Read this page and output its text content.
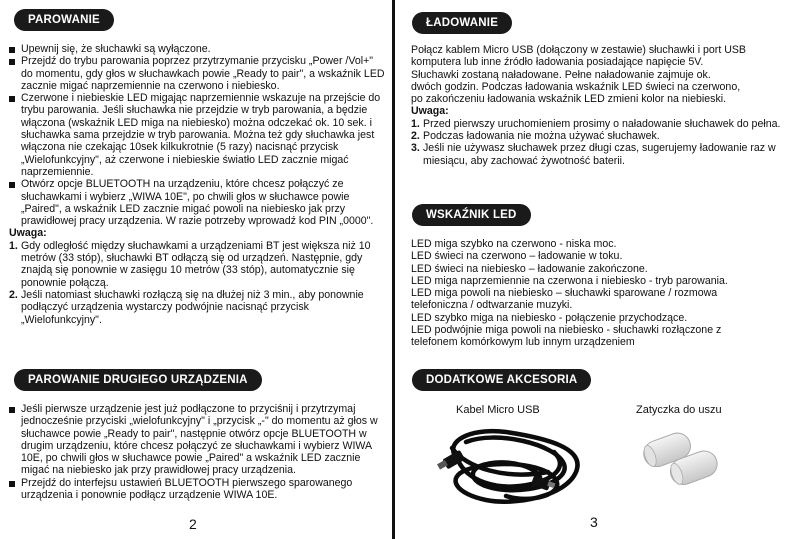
PAROWANIE
Upewnij się, że słuchawki są wyłączone.
Przejdź do trybu parowania poprzez przytrzymanie przycisku „Power /Vol+" do momentu, gdy głos w słuchawkach powie „Ready to pair", a wskaźnik LED zacznie migać naprzemiennie na czerwono i niebiesko.
Czerwone i niebieskie LED migając naprzemiennie wskazuje na przejście do trybu parowania. Jeśli słuchawka nie przejdzie w tryb parowania, a będzie włączona (wskaźnik LED miga na niebiesko) można odczekać ok. 10 sek. i słuchawka sama przejdzie w tryb parowania. Można też gdy słuchawka jest włączona nie czekając 10sek kilkukrotnie (5 razy) nacisnąć przycisk „Wielofunkcyjny", aż czerwone i niebieskie światło LED zacznie migać naprzemiennie.
Otwórz opcje BLUETOOTH na urządzeniu, które chcesz połączyć ze słuchawkami i wybierz „WIWA 10E", po chwili głos w słuchawce powie „Paired", a wskaźnik LED zacznie migać powoli na niebiesko jak przy prawidłowej pracy urządzenia. W razie potrzeby wprowadź kod PIN „0000".
Uwaga:
1. Gdy odległość między słuchawkami a urządzeniami BT jest większa niż 10 metrów (33 stóp), słuchawki BT odłączą się od urządzeń. Następnie, gdy znajdą się ponownie w zasięgu 10 metrów (33 stóp), automatycznie się ponownie połączą.
2. Jeśli natomiast słuchawki rozłączą się na dłużej niż 3 min., aby ponownie podłączyć urządzenia wystarczy podwójnie nacisnąć przycisk „Wielofunkcyjny".
PAROWANIE DRUGIEGO URZĄDZENIA
Jeśli pierwsze urządzenie jest już podłączone to przyciśnij i przytrzymaj jednocześnie przyciski „wielofunkcyjny" i „przycisk „-" do momentu aż głos w słuchawce powie „Ready to pair", następnie otwórz opcje BLUETOOTH w drugim urządzeniu, które chcesz połączyć ze słuchawkami i wybierz WIWA 10E, po chwili głos w słuchawce powie „Paired" a wskaźnik LED zacznie migać na niebiesko jak przy prawidłowej pracy urządzenia.
Przejdź do interfejsu ustawień BLUETOOTH pierwszego sparowanego urządzenia i ponownie podłącz urządzenie WIWA 10E.
2
ŁADOWANIE
Połącz kablem Micro USB (dołączony w zestawie) słuchawki i port USB
komputera lub inne źródło ładowania posiadające napięcie 5V.
Słuchawki zostaną naładowane. Pełne naładowanie zajmuje ok.
dwóch godzin. Podczas ładowania wskaźnik LED świeci na czerwono,
po zakończeniu ładowania wskaźnik LED zmieni kolor na niebieski.
Uwaga:
1. Przed pierwszy uruchomieniem prosimy o naładowanie słuchawek do pełna.
2. Podczas ładowania nie można używać słuchawek.
3. Jeśli nie używasz słuchawek przez długi czas, sugerujemy ładowanie raz w miesiącu, aby zachować żywotność baterii.
WSKAŹNIK LED
LED miga szybko na czerwono - niska moc.
LED świeci na czerwono – ładowanie w toku.
LED świeci na niebiesko – ładowanie zakończone.
LED miga naprzemiennie na czerwona i niebiesko - tryb parowania.
LED miga powoli na niebiesko – słuchawki sparowane / rozmowa
telefoniczna / odtwarzanie muzyki.
LED szybko miga na niebiesko - połączenie przychodzące.
LED podwójnie miga powoli na niebiesko - słuchawki rozłączone z
telefonem komórkowym lub innym urządzeniem
DODATKOWE AKCESORIA
Kabel Micro USB	Zatyczka do uszu
3
